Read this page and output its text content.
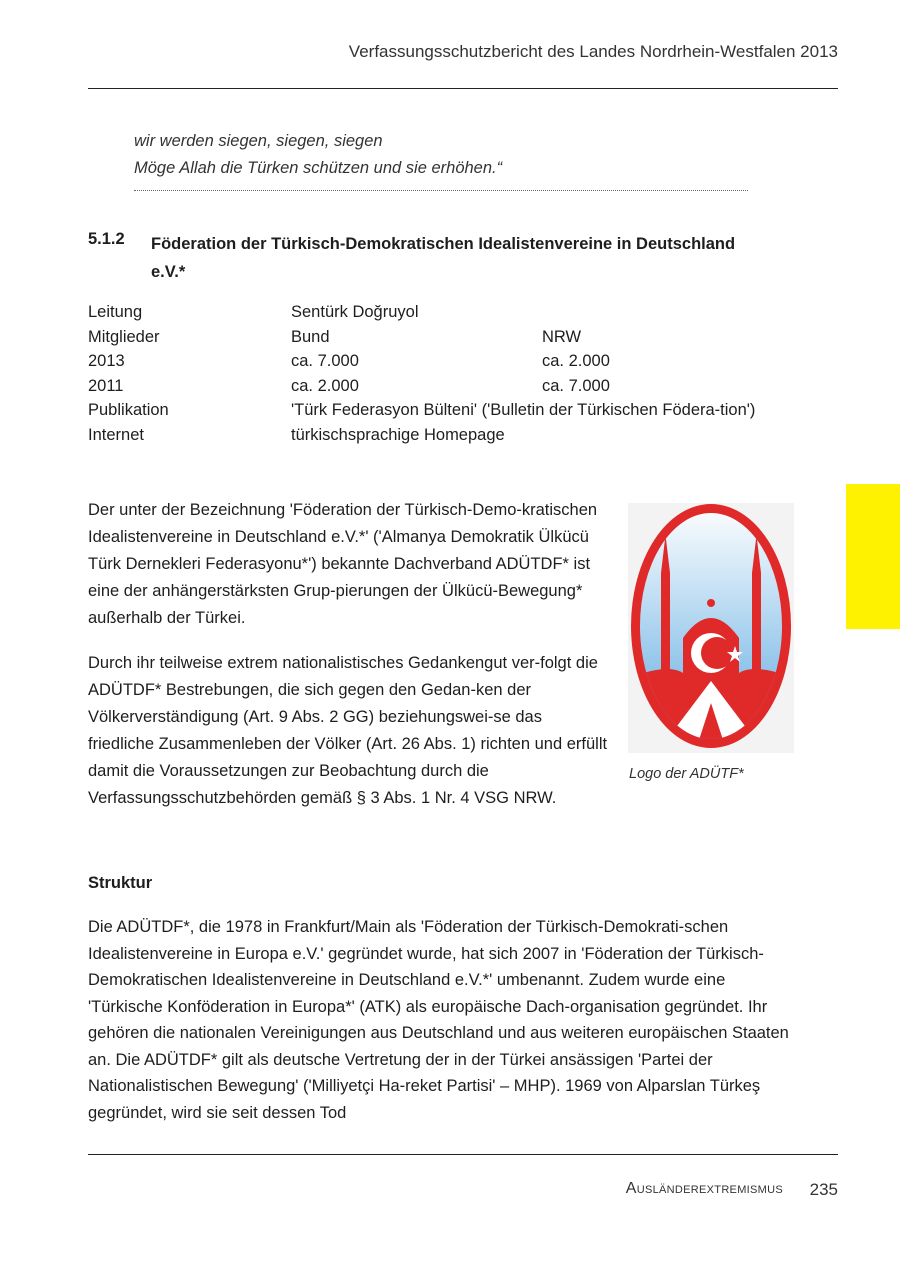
Verfassungsschutzbericht des Landes Nordrhein-Westfalen 2013
wir werden siegen, siegen, siegen
Möge Allah die Türken schützen und sie erhöhen.“
5.1.2 Föderation der Türkisch-Demokratischen Idealistenvereine in Deutschland e.V.*
Leitung	Sentürk Doğruyol
Mitglieder	Bund	NRW
2013	ca. 7.000	ca. 2.000
2011	ca. 2.000	ca. 7.000
Publikation	'Türk Federasyon Bülteni' ('Bulletin der Türkischen Födera-tion')
Internet	türkischsprachige Homepage
Der unter der Bezeichnung 'Föderation der Türkisch-Demo-kratischen Idealistenvereine in Deutschland e.V.*' ('Almanya Demokratik Ülkücü Türk Dernekleri Federasyonu*') bekannte Dachverband ADÜTDF* ist eine der anhängerstärksten Grup-pierungen der Ülkücü-Bewegung* außerhalb der Türkei.
Durch ihr teilweise extrem nationalistisches Gedankengut ver-folgt die ADÜTDF* Bestrebungen, die sich gegen den Gedan-ken der Völkerverständigung (Art. 9 Abs. 2 GG) beziehungswei-se das friedliche Zusammenleben der Völker (Art. 26 Abs. 1) richten und erfüllt damit die Voraussetzungen zur Beobachtung durch die Verfassungsschutzbehörden gemäß § 3 Abs. 1 Nr. 4 VSG NRW.
Logo der ADÜTF*
Struktur
Die ADÜTDF*, die 1978 in Frankfurt/Main als 'Föderation der Türkisch-Demokrati-schen Idealistenvereine in Europa e.V.' gegründet wurde, hat sich 2007 in 'Föderation der Türkisch-Demokratischen Idealistenvereine in Deutschland e.V.*' umbenannt. Zudem wurde eine 'Türkische Konföderation in Europa*' (ATK) als europäische Dach-organisation gegründet. Ihr gehören die nationalen Vereinigungen aus Deutschland und aus weiteren europäischen Staaten an. Die ADÜTDF* gilt als deutsche Vertretung der in der Türkei ansässigen 'Partei der Nationalistischen Bewegung' ('Milliyetçi Ha-reket Partisi' – MHP). 1969 von Alparslan Türkeş gegründet, wird sie seit dessen Tod
Ausländerextremismus 235
